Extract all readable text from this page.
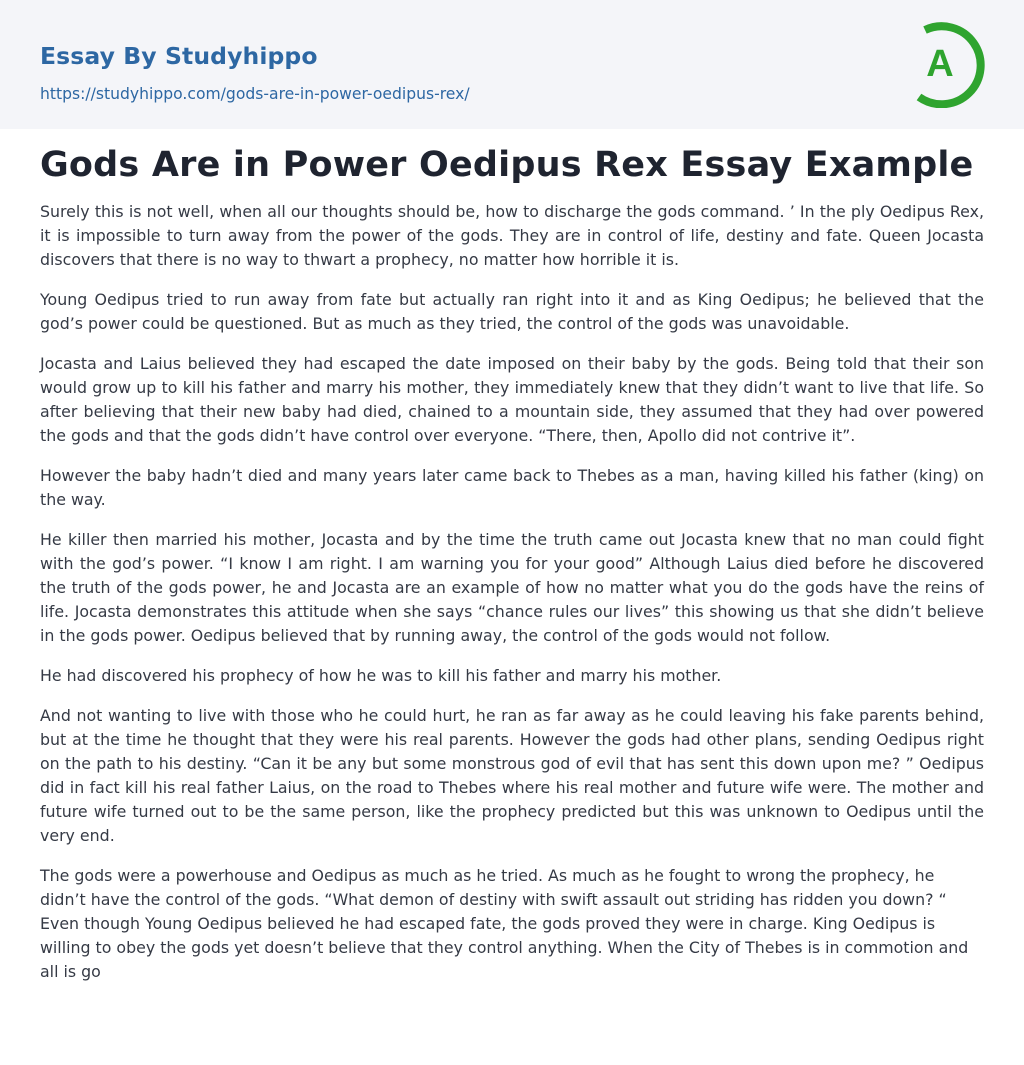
Essay By Studyhippo
https://studyhippo.com/gods-are-in-power-oedipus-rex/
A
Gods Are in Power Oedipus Rex Essay Example

Surely this is not well, when all our thoughts should be, how to discharge the gods command. ’ In the ply Oedipus Rex, it is impossible to turn away from the power of the gods. They are in control of life, destiny and fate. Queen Jocasta discovers that there is no way to thwart a prophecy, no matter how horrible it is.

Young Oedipus tried to run away from fate but actually ran right into it and as King Oedipus; he believed that the god’s power could be questioned. But as much as they tried, the control of the gods was unavoidable.

Jocasta and Laius believed they had escaped the date imposed on their baby by the gods. Being told that their son would grow up to kill his father and marry his mother, they immediately knew that they didn’t want to live that life. So after believing that their new baby had died, chained to a mountain side, they assumed that they had over powered the gods and that the gods didn’t have control over everyone. “There, then, Apollo did not contrive it”.

However the baby hadn’t died and many years later came back to Thebes as a man, having killed his father (king) on the way.

He killer then married his mother, Jocasta and by the time the truth came out Jocasta knew that no man could fight with the god’s power. “I know I am right. I am warning you for your good” Although Laius died before he discovered the truth of the gods power, he and Jocasta are an example of how no matter what you do the gods have the reins of life. Jocasta demonstrates this attitude when she says “chance rules our lives” this showing us that she didn’t believe in the gods power. Oedipus believed that by running away, the control of the gods would not follow.

He had discovered his prophecy of how he was to kill his father and marry his mother.

And not wanting to live with those who he could hurt, he ran as far away as he could leaving his fake parents behind, but at the time he thought that they were his real parents. However the gods had other plans, sending Oedipus right on the path to his destiny. “Can it be any but some monstrous god of evil that has sent this down upon me? ” Oedipus did in fact kill his real father Laius, on the road to Thebes where his real mother and future wife were. The mother and future wife turned out to be the same person, like the prophecy predicted but this was unknown to Oedipus until the very end.

The gods were a powerhouse and Oedipus as much as he tried. As much as he fought to wrong the prophecy, he didn’t have the control of the gods. “What demon of destiny with swift assault out striding has ridden you down? “ Even though Young Oedipus believed he had escaped fate, the gods proved they were in charge. King Oedipus is willing to obey the gods yet doesn’t believe that they control anything. When the City of Thebes is in commotion and all is go
